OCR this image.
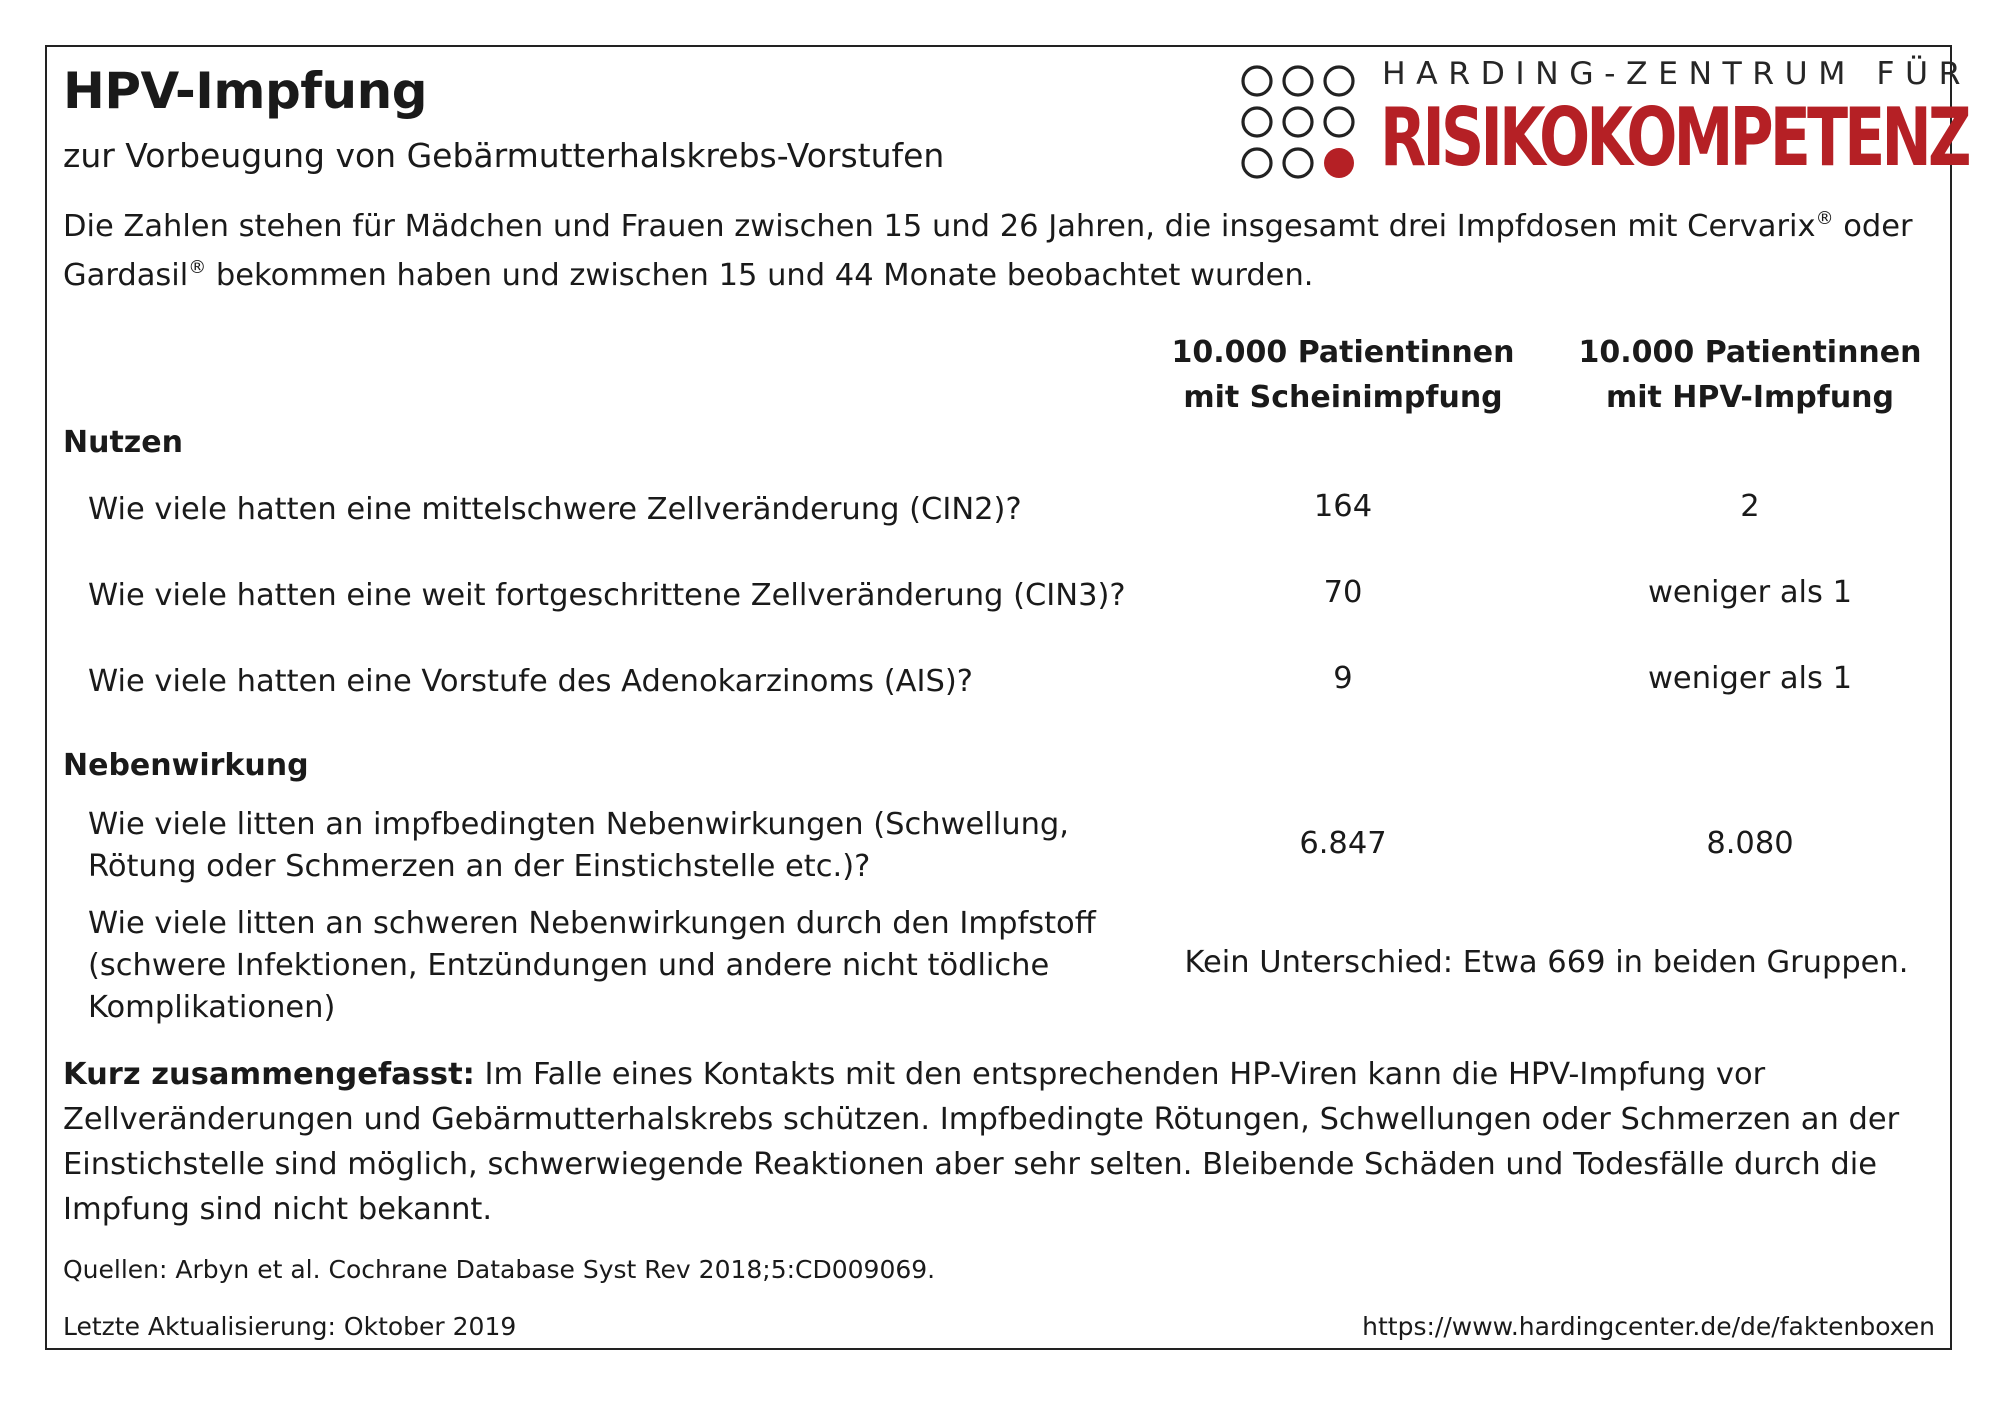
HPV-Impfung
zur Vorbeugung von Gebärmutterhalskrebs-Vorstufen
HARDING-ZENTRUM FÜR
RISIKOKOMPETENZ
Die Zahlen stehen für Mädchen und Frauen zwischen 15 und 26 Jahren, die insgesamt drei Impfdosen mit Cervarix® oder
Gardasil® bekommen haben und zwischen 15 und 44 Monate beobachtet wurden.
10.000 Patientinnen
mit Scheinimpfung
10.000 Patientinnen
mit HPV-Impfung
Nutzen
Wie viele hatten eine mittelschwere Zellveränderung (CIN2)?	164	2
Wie viele hatten eine weit fortgeschrittene Zellveränderung (CIN3)?	70	weniger als 1
Wie viele hatten eine Vorstufe des Adenokarzinoms (AIS)?	9	weniger als 1
Nebenwirkung
Wie viele litten an impfbedingten Nebenwirkungen (Schwellung,
Rötung oder Schmerzen an der Einstichstelle etc.)?
6.847	8.080
Wie viele litten an schweren Nebenwirkungen durch den Impfstoff
(schwere Infektionen, Entzündungen und andere nicht tödliche
Komplikationen)
Kein Unterschied: Etwa 669 in beiden Gruppen.
Kurz zusammengefasst: Im Falle eines Kontakts mit den entsprechenden HP-Viren kann die HPV-Impfung vor
Zellveränderungen und Gebärmutterhalskrebs schützen. Impfbedingte Rötungen, Schwellungen oder Schmerzen an der
Einstichstelle sind möglich, schwerwiegende Reaktionen aber sehr selten. Bleibende Schäden und Todesfälle durch die
Impfung sind nicht bekannt.
Quellen: Arbyn et al. Cochrane Database Syst Rev 2018;5:CD009069.
Letzte Aktualisierung: Oktober 2019	https://www.hardingcenter.de/de/faktenboxen
